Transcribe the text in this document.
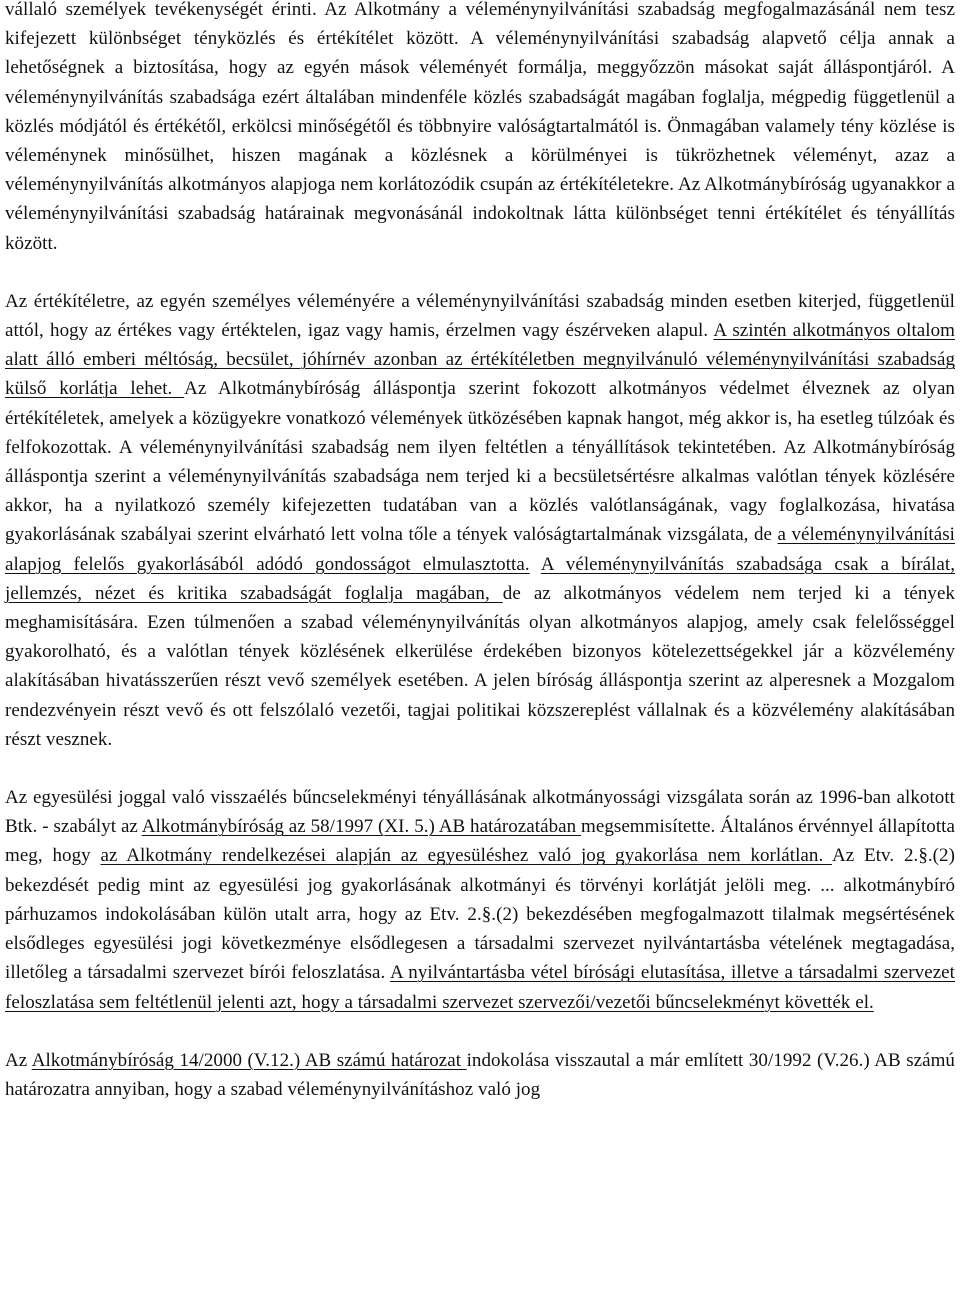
vállaló személyek tevékenységét érinti. Az Alkotmány a véleménynyilvánítási szabadság megfogalmazásánál nem tesz kifejezett különbséget tényközlés és értékítélet között. A véleménynyilvánítási szabadság alapvető célja annak a lehetőségnek a biztosítása, hogy az egyén mások véleményét formálja, meggyőzzön másokat saját álláspontjáról. A véleménynyilvánítás szabadsága ezért általában mindenféle közlés szabadságát magában foglalja, mégpedig függetlenül a közlés módjától és értékétől, erkölcsi minőségétől és többnyire valóságtartalmától is. Önmagában valamely tény közlése is véleménynek minősülhet, hiszen magának a közlésnek a körülményei is tükrözhetnek véleményt, azaz a véleménynyilvánítás alkotmányos alapjoga nem korlátozódik csupán az értékítéletekre. Az Alkotmánybíróság ugyanakkor a véleménynyilvánítási szabadság határainak megvonásánál indokoltnak látta különbséget tenni értékítélet és tényállítás között.

Az értékítéletre, az egyén személyes véleményére a véleménynyilvánítási szabadság minden esetben kiterjed, függetlenül attól, hogy az értékes vagy értéktelen, igaz vagy hamis, érzelmen vagy észérveken alapul. A szintén alkotmányos oltalom alatt álló emberi méltóság, becsület, jóhírnév azonban az értékítéletben megnyilvánuló véleménynyilvánítási szabadság külső korlátja lehet. Az Alkotmánybíróság álláspontja szerint fokozott alkotmányos védelmet élveznek az olyan értékítéletek, amelyek a közügyekre vonatkozó vélemények ütközésében kapnak hangot, még akkor is, ha esetleg túlzóak és felfokozottak. A véleménynyilvánítási szabadság nem ilyen feltétlen a tényállítások tekintetében. Az Alkotmánybíróság álláspontja szerint a véleménynyilvánítás szabadsága nem terjed ki a becsületsértésre alkalmas valótlan tények közlésére akkor, ha a nyilatkozó személy kifejezetten tudatában van a közlés valótlanságának, vagy foglalkozása, hivatása gyakorlásának szabályai szerint elvárható lett volna tőle a tények valóságtartalmának vizsgálata, de a véleménynyilvánítási alapjog felelős gyakorlásából adódó gondosságot elmulasztotta. A véleménynyilvánítás szabadsága csak a bírálat, jellemzés, nézet és kritika szabadságát foglalja magában, de az alkotmányos védelem nem terjed ki a tények meghamisítására. Ezen túlmenően a szabad véleménynyilvánítás olyan alkotmányos alapjog, amely csak felelősséggel gyakorolható, és a valótlan tények közlésének elkerülése érdekében bizonyos kötelezettségekkel jár a közvélemény alakításában hivatásszerűen részt vevő személyek esetében. A jelen bíróság álláspontja szerint az alperesnek a Mozgalom rendezvényein részt vevő és ott felszólaló vezetői, tagjai politikai közszereplést vállalnak és a közvélemény alakításában részt vesznek.

Az egyesülési joggal való visszaélés bűncselekményi tényállásának alkotmányossági vizsgálata során az 1996-ban alkotott Btk. - szabályt az Alkotmánybíróság az 58/1997 (XI. 5.) AB határozatában megsemmisítette. Általános érvénnyel állapította meg, hogy az Alkotmány rendelkezései alapján az egyesüléshez való jog gyakorlása nem korlátlan. Az Etv. 2.§.(2) bekezdését pedig mint az egyesülési jog gyakorlásának alkotmányi és törvényi korlátját jelöli meg. ... alkotmánybíró párhuzamos indokolásában külön utalt arra, hogy az Etv. 2.§.(2) bekezdésében megfogalmazott tilalmak megsértésének elsődleges egyesülési jogi következménye elsődlegesen a társadalmi szervezet nyilvántartásba vételének megtagadása, illetőleg a társadalmi szervezet bírói feloszlatása. A nyilvántartásba vétel bírósági elutasítása, illetve a társadalmi szervezet feloszlatása sem feltétlenül jelenti azt, hogy a társadalmi szervezet szervezői/vezetői bűncselekményt követték el.

Az Alkotmánybíróság 14/2000 (V.12.) AB számú határozat indokolása visszautal a már említett 30/1992 (V.26.) AB számú határozatra annyiban, hogy a szabad véleménynyilvánításhoz való jog
